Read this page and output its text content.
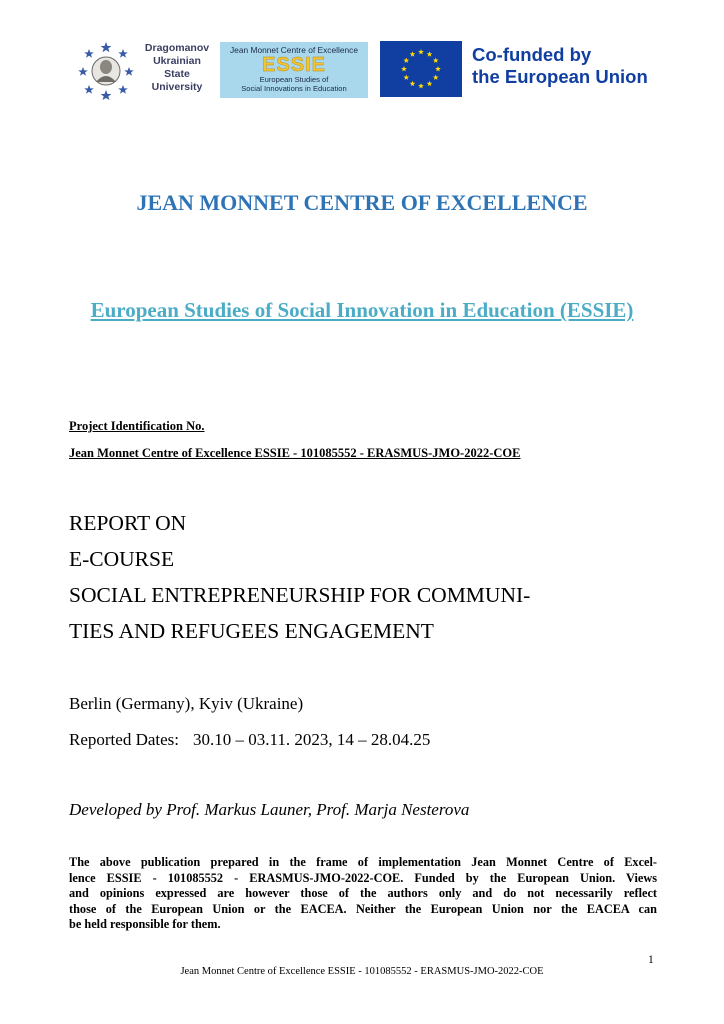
Dragomanov
Ukrainian
State
University
Jean Monnet Centre of Excellence
ESSIE
European Studies of
Social Innovations in Education
Co-funded by
the European Union
JEAN MONNET CENTRE OF EXCELLENCE
European Studies of Social Innovation in Education (ESSIE)
Project Identification No.
Jean Monnet Centre of Excellence ESSIE - 101085552 - ERASMUS-JMO-2022-COE
REPORT ON
E-COURSE
SOCIAL ENTREPRENEURSHIP FOR COMMUNI-
TIES AND REFUGEES ENGAGEMENT
Berlin (Germany), Kyiv (Ukraine)
Reported Dates: 30.10 – 03.11. 2023, 14 – 28.04.25
Developed by Prof. Markus Launer, Prof. Marja Nesterova
The above publication prepared in the frame of implementation Jean Monnet Centre of Excel-
lence ESSIE - 101085552 - ERASMUS-JMO-2022-COE. Funded by the European Union. Views
and opinions expressed are however those of the authors only and do not necessarily reflect
those of the European Union or the EACEA. Neither the European Union nor the EACEA can
be held responsible for them.
1
Jean Monnet Centre of Excellence ESSIE - 101085552 - ERASMUS-JMO-2022-COE
